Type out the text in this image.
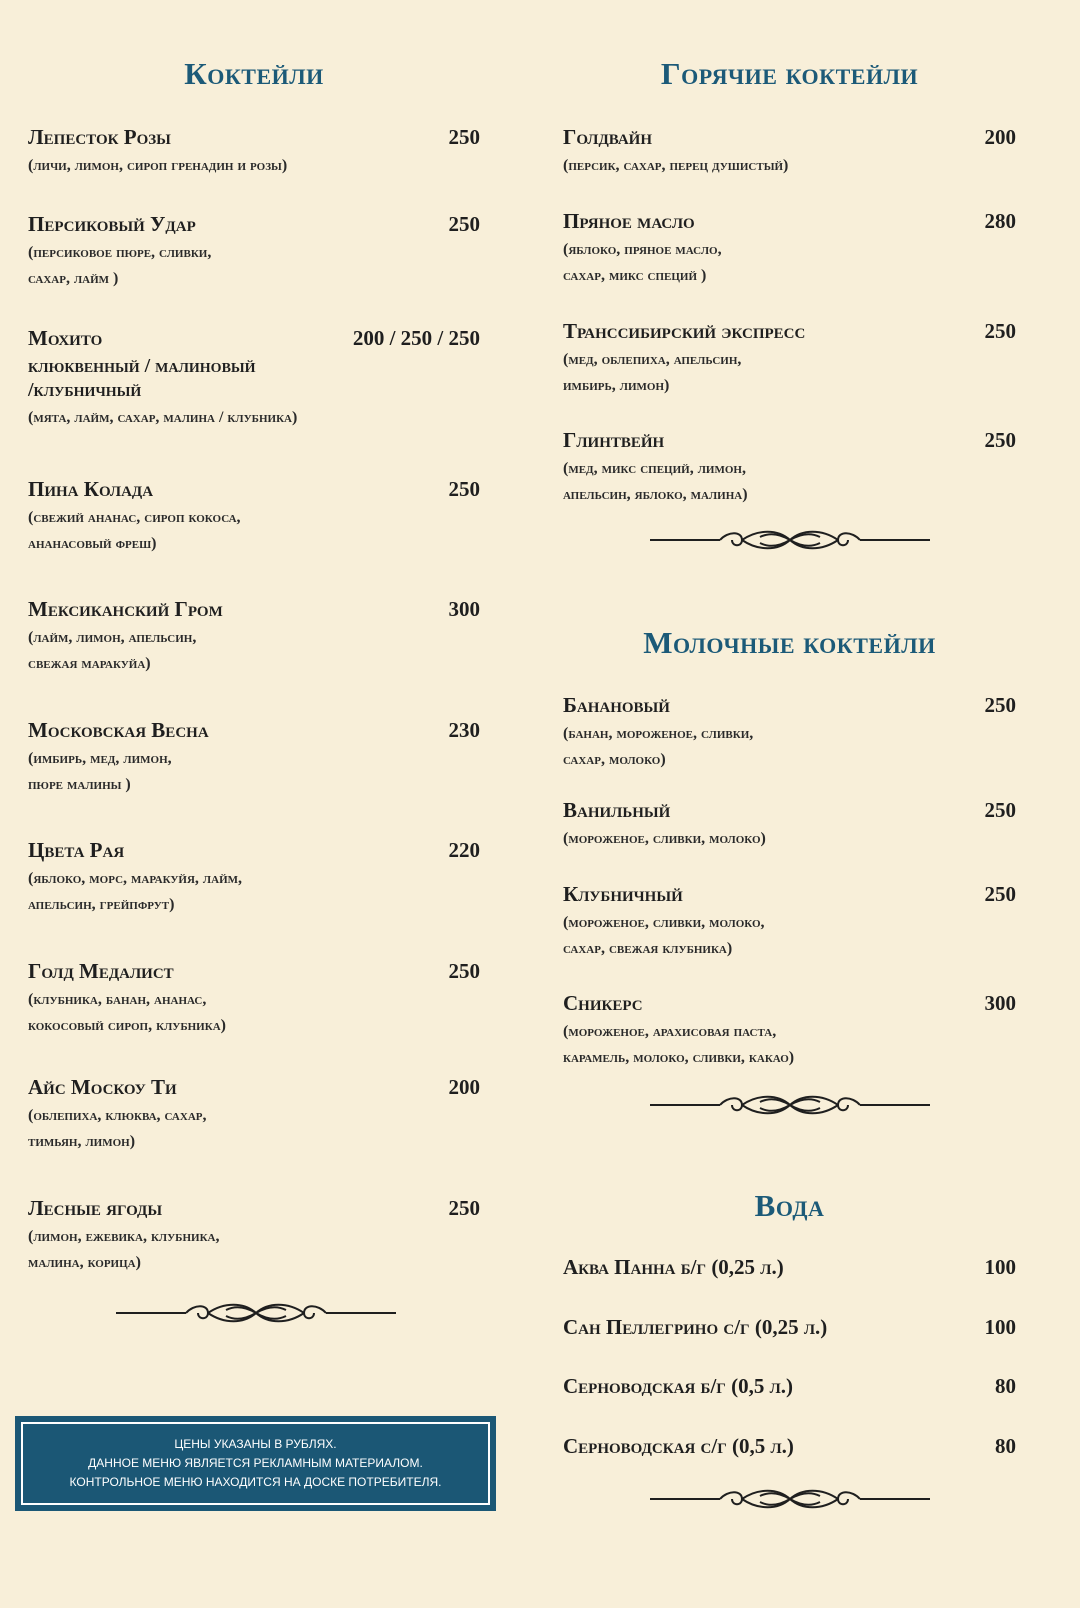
Коктейли
Лепесток Розы	250
(личи, лимон, сироп гренадин и розы)
Персиковый Удар	250
(персиковое пюре, сливки,
сахар, лайм )
Мохито	200 / 250 / 250
клюквенный / малиновый
/клубничный
(мята, лайм, сахар, малина / клубника)
Пина Колада	250
(свежий ананас, сироп кокоса,
ананасовый фреш)
Мексиканский Гром	300
(лайм, лимон, апельсин,
свежая маракуйа)
Московская Весна	230
(имбирь, мед, лимон,
пюре малины )
Цвета Рая	220
(яблоко, морс, маракуйя, лайм,
апельсин, грейпфрут)
Голд Медалист	250
(клубника, банан, ананас,
кокосовый сироп, клубника)
Айс Москоу Ти	200
(облепиха, клюква, сахар,
тимьян, лимон)
Лесные ягоды	250
(лимон, ежевика, клубника,
малина, корица)
Горячие коктейли
Голдвайн	200
(персик, сахар, перец душистый)
Пряное масло	280
(яблоко, пряное масло,
сахар, микс специй )
Транссибирский экспресс	250
(мед, облепиха, апельсин,
имбирь, лимон)
Глинтвейн	250
(мед, микс специй, лимон,
апельсин, яблоко, малина)
Молочные коктейли
Банановый	250
(банан, мороженое, сливки,
сахар, молоко)
Ванильный	250
(мороженое, сливки, молоко)
Клубничный	250
(мороженое, сливки, молоко,
сахар, свежая клубника)
Сникерс	300
(мороженое, арахисовая паста,
карамель, молоко, сливки, какао)
Вода
Аква Панна б/г (0,25 л.)	100
Сан Пеллегрино с/г (0,25 л.)	100
Серноводская б/г (0,5 л.)	80
Серноводская с/г (0,5 л.)	80
ЦЕНЫ УКАЗАНЫ В РУБЛЯХ.
ДАННОЕ МЕНЮ ЯВЛЯЕТСЯ РЕКЛАМНЫМ МАТЕРИАЛОМ.
КОНТРОЛЬНОЕ МЕНЮ НАХОДИТСЯ НА ДОСКЕ ПОТРЕБИТЕЛЯ.
